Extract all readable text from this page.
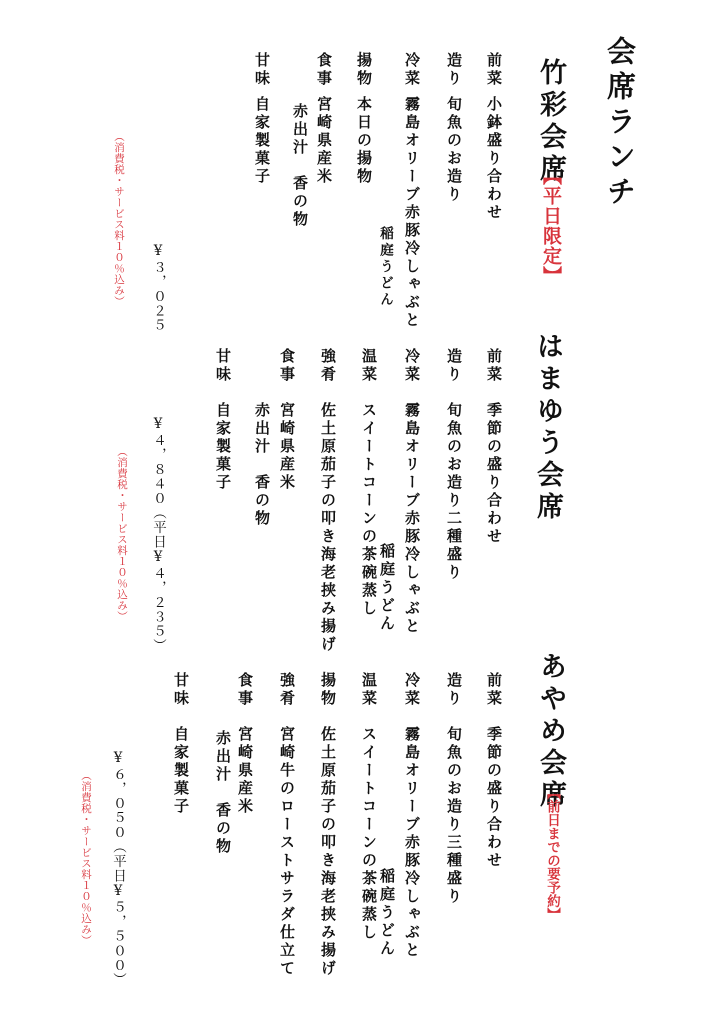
会席ランチ
竹彩会席
【平日限定】
前菜小鉢盛り合わせ
造り旬魚のお造り
冷菜霧島オリーブ赤豚冷しゃぶと
稲庭うどん
揚物本日の揚物
食事宮崎県産米
赤出汁　香の物
甘味自家製菓子
¥３，０２５
（消費税・サービス料１０％込み）
はまゆう会席
前菜季節の盛り合わせ
造り旬魚のお造り二種盛り
冷菜霧島オリーブ赤豚冷しゃぶと
稲庭うどん
温菜スイートコーンの茶碗蒸し
強肴佐土原茄子の叩き海老挟み揚げ
食事宮崎県産米
赤出汁　香の物
甘味自家製菓子
¥４，８４０（平日¥４，２３５）
（消費税・サービス料１０％込み）
あやめ会席
【前日までの要予約】
前菜季節の盛り合わせ
造り旬魚のお造り三種盛り
冷菜霧島オリーブ赤豚冷しゃぶと
稲庭うどん
温菜スイートコーンの茶碗蒸し
揚物佐土原茄子の叩き海老挟み揚げ
強肴宮崎牛のローストサラダ仕立て
食事宮崎県産米
赤出汁　香の物
甘味自家製菓子
¥６，０５０（平日¥５，５００）
（消費税・サービス料１０％込み）
